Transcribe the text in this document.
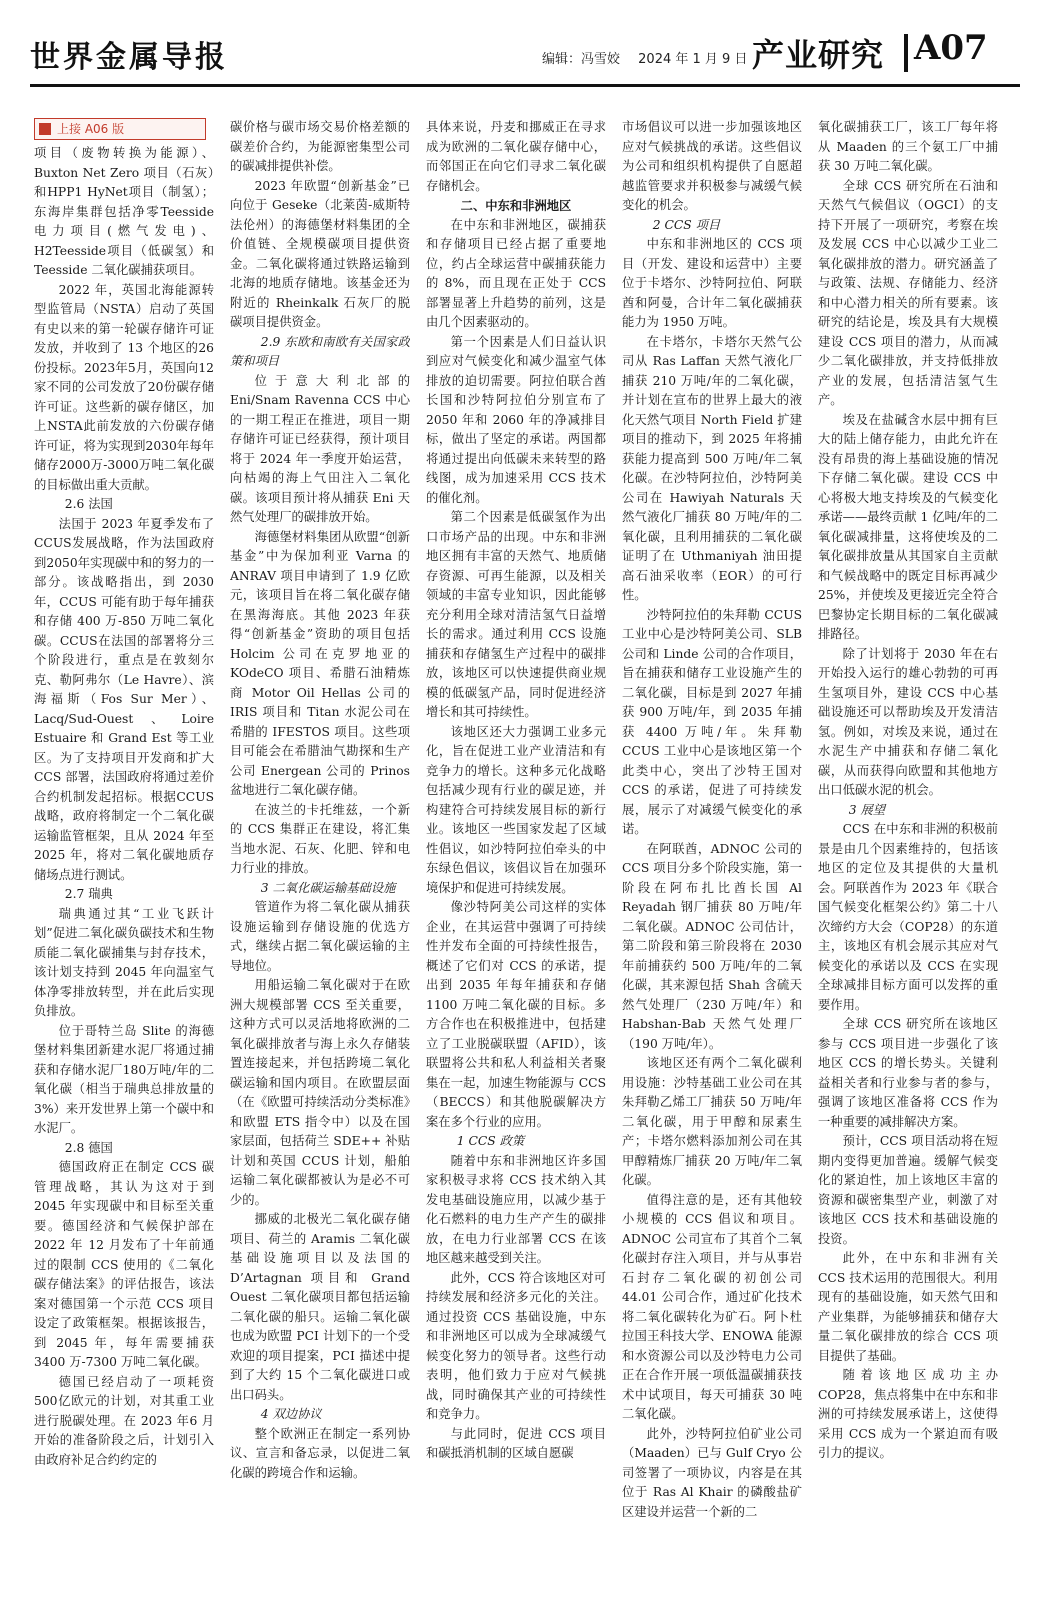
世界金属导报	编辑：冯雪姣 2024 年 1 月 9 日 产业研究 A07
上接 A06 版

项目（废物转换为能源）、Buxton Net Zero 项目（石灰）和HPP1 HyNet项目（制氢）；东海岸集群包括净零Teesside 电力项目(燃气发电)、H2Teesside项目（低碳氢）和Teesside 二氧化碳捕获项目。

2022 年，英国北海能源转型监管局（NSTA）启动了英国有史以来的第一轮碳存储许可证发放，并收到了 13 个地区的26份投标。2023年5月，英国向12家不同的公司发放了20份碳存储许可证。这些新的碳存储区，加上NSTA此前发放的六份碳存储许可证，将为实现到2030年每年储存2000万-3000万吨二氧化碳的目标做出重大贡献。

2.6 法国

法国于 2023 年夏季发布了CCUS发展战略，作为法国政府到2050年实现碳中和的努力的一部分。该战略指出，到 2030 年，CCUS 可能有助于每年捕获和存储 400 万-850 万吨二氧化碳。CCUS在法国的部署将分三个阶段进行，重点是在敦刻尔克、勒阿弗尔（Le Havre）、滨海福斯（Fos Sur Mer）、Lacq/Sud-Ouest、Loire Estuaire 和 Grand Est 等工业区。为了支持项目开发商和扩大 CCS 部署，法国政府将通过差价合约机制发起招标。根据CCUS战略，政府将制定一个二氧化碳运输监管框架，且从 2024 年至2025 年，将对二氧化碳地质存储场点进行测试。

2.7 瑞典

瑞典通过其“工业飞跃计划”促进二氧化碳负碳技术和生物质能二氧化碳捕集与封存技术，该计划支持到 2045 年向温室气体净零排放转型，并在此后实现负排放。

位于哥特兰岛 Slite 的海德堡材料集团新建水泥厂将通过捕获和存储水泥厂180万吨/年的二氧化碳（相当于瑞典总排放量的3%）来开发世界上第一个碳中和水泥厂。

2.8 德国

德国政府正在制定 CCS 碳管理战略，其认为这对于到 2045 年实现碳中和目标至关重要。德国经济和气候保护部在 2022 年 12 月发布了十年前通过的限制 CCS 使用的《二氧化碳存储法案》的评估报告，该法案对德国第一个示范 CCS 项目设定了政策框架。根据该报告，到 2045 年，每年需要捕获 3400 万-7300 万吨二氧化碳。

德国已经启动了一项耗资500亿欧元的计划，对其重工业进行脱碳处理。在 2023 年6 月开始的准备阶段之后，计划引入由政府补足合约约定的

碳价格与碳市场交易价格差额的碳差价合约，为能源密集型公司的碳减排提供补偿。

2023 年欧盟“创新基金”已向位于 Geseke（北莱茵-威斯特法伦州）的海德堡材料集团的全价值链、全规模碳项目提供资金。二氧化碳将通过铁路运输到北海的地质存储地。该基金还为附近的 Rheinkalk 石灰厂的脱碳项目提供资金。

2.9 东欧和南欧有关国家政策和项目

位于意大利北部的 Eni/Snam Ravenna CCS 中心的一期工程正在推进，项目一期存储许可证已经获得，预计项目将于 2024 年一季度开始运营，向枯竭的海上气田注入二氧化碳。该项目预计将从捕获 Eni 天然气处理厂的碳排放开始。

海德堡材料集团从欧盟“创新基金”中为保加利亚 Varna 的 ANRAV 项目申请到了 1.9 亿欧元，该项目旨在将二氧化碳存储在黑海海底。其他 2023 年获得“创新基金”资助的项目包括 Holcim 公司在克罗地亚的 KOdeCO 项目、希腊石油精炼商 Motor Oil Hellas 公司的 IRIS 项目和 Titan 水泥公司在希腊的 IFESTOS 项目。这些项目可能会在希腊油气勘探和生产公司 Energean 公司的 Prinos 盆地进行二氧化碳存储。

在波兰的卡托维兹，一个新的 CCS 集群正在建设，将汇集当地水泥、石灰、化肥、锌和电力行业的排放。

3 二氧化碳运输基础设施

管道作为将二氧化碳从捕获设施运输到存储设施的优选方式，继续占据二氧化碳运输的主导地位。

用船运输二氧化碳对于在欧洲大规模部署 CCS 至关重要，这种方式可以灵活地将欧洲的二氧化碳排放者与海上永久存储装置连接起来，并包括跨境二氧化碳运输和国内项目。在欧盟层面（在《欧盟可持续活动分类标准》和欧盟 ETS 指令中）以及在国家层面，包括荷兰 SDE++ 补贴计划和英国 CCUS 计划，船舶运输二氧化碳都被认为是必不可少的。

挪威的北极光二氧化碳存储项目、荷兰的 Aramis 二氧化碳基础设施项目以及法国的 D’Artagnan 项目和 Grand Ouest 二氧化碳项目都包括运输二氧化碳的船只。运输二氧化碳也成为欧盟 PCI 计划下的一个受欢迎的项目提案，PCI 描述中提到了大约 15 个二氧化碳进口或出口码头。

4 双边协议

整个欧洲正在制定一系列协议、宣言和备忘录，以促进二氧化碳的跨境合作和运输。

具体来说，丹麦和挪威正在寻求成为欧洲的二氧化碳存储中心，而邻国正在向它们寻求二氧化碳存储机会。

二、中东和非洲地区

在中东和非洲地区，碳捕获和存储项目已经占据了重要地位，约占全球运营中碳捕获能力的 8%，而且现在正处于 CCS 部署显著上升趋势的前列，这是由几个因素驱动的。

第一个因素是人们日益认识到应对气候变化和减少温室气体排放的迫切需要。阿拉伯联合酋长国和沙特阿拉伯分别宣布了 2050 年和 2060 年的净减排目标，做出了坚定的承诺。两国都将通过提出向低碳未来转型的路线图，成为加速采用 CCS 技术的催化剂。

第二个因素是低碳氢作为出口市场产品的出现。中东和非洲地区拥有丰富的天然气、地质储存资源、可再生能源，以及相关领域的丰富专业知识，因此能够充分利用全球对清洁氢气日益增长的需求。通过利用 CCS 设施捕获和存储氢生产过程中的碳排放，该地区可以快速提供商业规模的低碳氢产品，同时促进经济增长和其可持续性。

该地区还大力强调工业多元化，旨在促进工业产业清洁和有竞争力的增长。这种多元化战略包括减少现有行业的碳足迹，并构建符合可持续发展目标的新行业。该地区一些国家发起了区域性倡议，如沙特阿拉伯牵头的中东绿色倡议，该倡议旨在加强环境保护和促进可持续发展。

像沙特阿美公司这样的实体企业，在其运营中强调了可持续性并发布全面的可持续性报告，概述了它们对 CCS 的承诺，提出到 2035 年每年捕获和存储 1100 万吨二氧化碳的目标。多方合作也在积极推进中，包括建立了工业脱碳联盟（AFID），该联盟将公共和私人利益相关者聚集在一起，加速生物能源与 CCS（BECCS）和其他脱碳解决方案在多个行业的应用。

1 CCS 政策

随着中东和非洲地区许多国家积极寻求将 CCS 技术纳入其发电基础设施应用，以减少基于化石燃料的电力生产产生的碳排放，在电力行业部署 CCS 在该地区越来越受到关注。

此外，CCS 符合该地区对可持续发展和经济多元化的关注。通过投资 CCS 基础设施，中东和非洲地区可以成为全球减缓气候变化努力的领导者。这些行动表明，他们致力于应对气候挑战，同时确保其产业的可持续性和竞争力。

与此同时，促进 CCS 项目和碳抵消机制的区域自愿碳

市场倡议可以进一步加强该地区应对气候挑战的承诺。这些倡议为公司和组织机构提供了自愿超越监管要求并积极参与减缓气候变化的机会。

2 CCS 项目

中东和非洲地区的 CCS 项目（开发、建设和运营中）主要位于卡塔尔、沙特阿拉伯、阿联酋和阿曼，合计年二氧化碳捕获能力为 1950 万吨。

在卡塔尔，卡塔尔天然气公司从 Ras Laffan 天然气液化厂捕获 210 万吨/年的二氧化碳，并计划在宣布的世界上最大的液化天然气项目 North Field 扩建项目的推动下，到 2025 年将捕获能力提高到 500 万吨/年二氧化碳。在沙特阿拉伯，沙特阿美公司在 Hawiyah Naturals 天然气液化厂捕获 80 万吨/年的二氧化碳，且利用捕获的二氧化碳证明了在 Uthmaniyah 油田提高石油采收率（EOR）的可行性。

沙特阿拉伯的朱拜勒 CCUS 工业中心是沙特阿美公司、SLB 公司和 Linde 公司的合作项目，旨在捕获和储存工业设施产生的二氧化碳，目标是到 2027 年捕获 900 万吨/年，到 2035 年捕获 4400 万吨/年。朱拜勒 CCUS 工业中心是该地区第一个此类中心，突出了沙特王国对 CCS 的承诺，促进了可持续发展，展示了对减缓气候变化的承诺。

在阿联酋，ADNOC 公司的 CCS 项目分多个阶段实施，第一阶段在阿布扎比酋长国 Al Reyadah 钢厂捕获 80 万吨/年二氧化碳。ADNOC 公司估计，第二阶段和第三阶段将在 2030 年前捕获约 500 万吨/年的二氧化碳，其来源包括 Shah 含硫天然气处理厂（230 万吨/年）和 Habshan-Bab 天然气处理厂（190 万吨/年）。

该地区还有两个二氧化碳利用设施：沙特基础工业公司在其朱拜勒乙烯工厂捕获 50 万吨/年二氧化碳，用于甲醇和尿素生产；卡塔尔燃料添加剂公司在其甲醇精炼厂捕获 20 万吨/年二氧化碳。

值得注意的是，还有其他较小规模的 CCS 倡议和项目。ADNOC 公司宣布了其首个二氧化碳封存注入项目，并与从事岩石封存二氧化碳的初创公司 44.01 公司合作，通过矿化技术将二氧化碳转化为矿石。阿卜杜拉国王科技大学、ENOWA 能源和水资源公司以及沙特电力公司正在合作开展一项低温碳捕获技术中试项目，每天可捕获 30 吨二氧化碳。

此外，沙特阿拉伯矿业公司（Maaden）已与 Gulf Cryo 公司签署了一项协议，内容是在其位于 Ras Al Khair 的磷酸盐矿区建设并运营一个新的二

氧化碳捕获工厂，该工厂每年将从 Maaden 的三个氨工厂中捕获 30 万吨二氧化碳。

全球 CCS 研究所在石油和天然气气候倡议（OGCI）的支持下开展了一项研究，考察在埃及发展 CCS 中心以减少工业二氧化碳排放的潜力。研究涵盖了与政策、法规、存储能力、经济和中心潜力相关的所有要素。该研究的结论是，埃及具有大规模建设 CCS 项目的潜力，从而减少二氧化碳排放，并支持低排放产业的发展，包括清洁氢气生产。

埃及在盐碱含水层中拥有巨大的陆上储存能力，由此允许在没有昂贵的海上基础设施的情况下存储二氧化碳。建设 CCS 中心将极大地支持埃及的气候变化承诺——最终贡献 1 亿吨/年的二氧化碳减排量，这将使埃及的二氧化碳排放量从其国家自主贡献和气候战略中的既定目标再减少 25%，并使埃及更接近完全符合巴黎协定长期目标的二氧化碳减排路径。

除了计划将于 2030 年在右开始投入运行的雄心勃勃的可再生氢项目外，建设 CCS 中心基础设施还可以帮助埃及开发清洁氢。例如，对埃及来说，通过在水泥生产中捕获和存储二氧化碳，从而获得向欧盟和其他地方出口低碳水泥的机会。

3 展望

CCS 在中东和非洲的积极前景是由几个因素维持的，包括该地区的定位及其提供的大量机会。阿联酋作为 2023 年《联合国气候变化框架公约》第二十八次缔约方大会（COP28）的东道主，该地区有机会展示其应对气候变化的承诺以及 CCS 在实现全球减排目标方面可以发挥的重要作用。

全球 CCS 研究所在该地区参与 CCS 项目进一步强化了该地区 CCS 的增长势头。关键利益相关者和行业参与者的参与，强调了该地区准备将 CCS 作为一种重要的减排解决方案。

预计，CCS 项目活动将在短期内变得更加普遍。缓解气候变化的紧迫性，加上该地区丰富的资源和碳密集型产业，刺激了对该地区 CCS 技术和基础设施的投资。

此外，在中东和非洲有关 CCS 技术运用的范围很大。利用现有的基础设施，如天然气田和产业集群，为能够捕获和储存大量二氧化碳排放的综合 CCS 项目提供了基础。

随着该地区成功主办 COP28，焦点将集中在中东和非洲的可持续发展承诺上，这使得采用 CCS 成为一个紧迫而有吸引力的提议。
